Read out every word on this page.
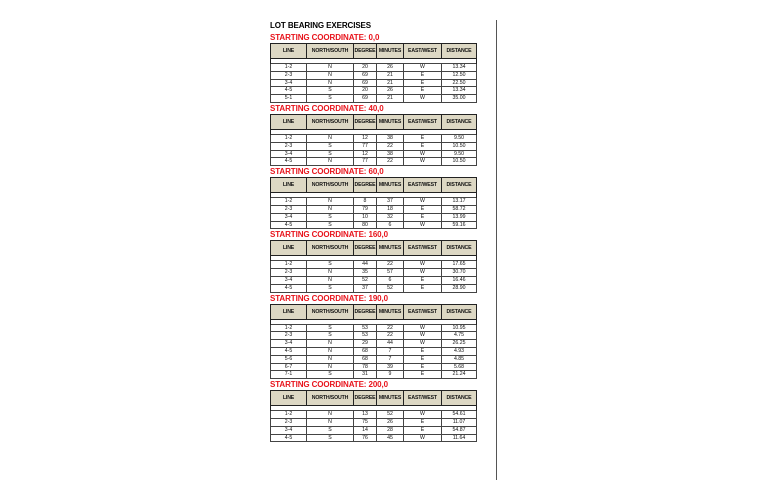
LOT BEARING EXERCISES
STARTING COORDINATE: 0,0
LINE	NORTH/SOUTH	DEGREE	MINUTES	EAST/WEST	DISTANCE

1-2	N	20	26	W	13.34
2-3	N	69	21	E	12.50
3-4	N	69	21	E	22.50
4-5	S	20	26	E	13.34
5-1	S	69	21	W	35.00
STARTING COORDINATE: 40,0
LINE	NORTH/SOUTH	DEGREE	MINUTES	EAST/WEST	DISTANCE

1-2	N	12	38	E	9.50
2-3	S	77	22	E	10.50
3-4	S	12	38	W	9.50
4-5	N	77	22	W	10.50
STARTING COORDINATE: 60,0
LINE	NORTH/SOUTH	DEGREE	MINUTES	EAST/WEST	DISTANCE

1-2	N	8	37	W	13.17
2-3	N	79	18	E	58.72
3-4	S	10	32	E	13.99
4-5	S	80	6	W	59.16
STARTING COORDINATE: 160,0
LINE	NORTH/SOUTH	DEGREE	MINUTES	EAST/WEST	DISTANCE

1-2	S	44	22	W	17.65
2-3	N	35	57	W	30.70
3-4	N	52	6	E	16.46
4-5	S	37	52	E	28.90
STARTING COORDINATE: 190,0
LINE	NORTH/SOUTH	DEGREE	MINUTES	EAST/WEST	DISTANCE

1-2	S	53	22	W	10.95
2-3	S	53	22	W	4.75
3-4	N	29	44	W	26.25
4-5	N	68	7	E	4.93
5-6	N	68	7	E	4.85
6-7	N	78	39	E	5.68
7-1	S	31	9	E	21.24
STARTING COORDINATE: 200,0
LINE	NORTH/SOUTH	DEGREE	MINUTES	EAST/WEST	DISTANCE

1-2	N	13	52	W	54.61
2-3	N	75	26	E	11.07
3-4	S	14	28	E	54.87
4-5	S	76	45	W	11.64
